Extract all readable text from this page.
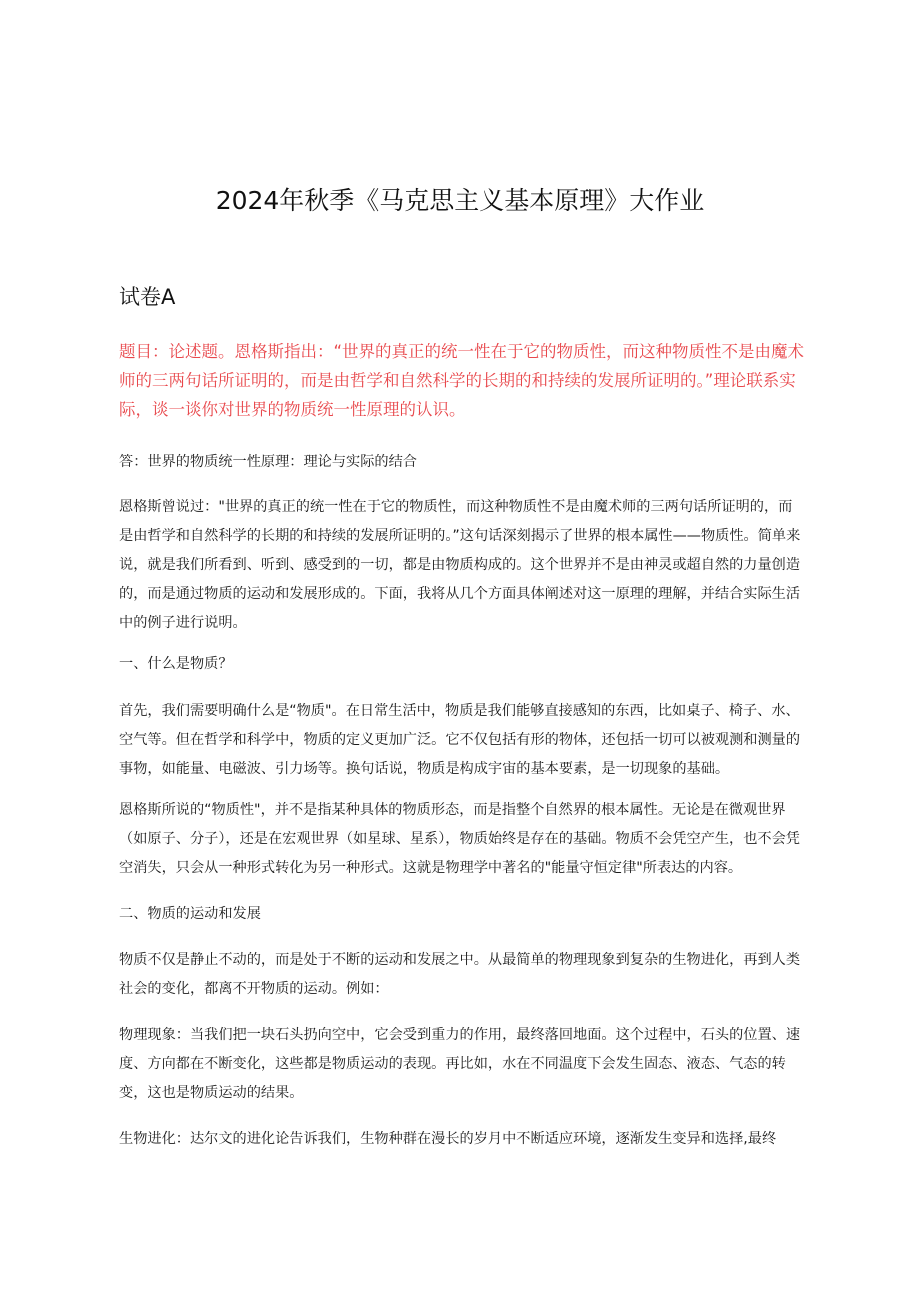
2024年秋季《马克思主义基本原理》大作业
试卷A

题目：论述题。恩格斯指出：“世界的真正的统一性在于它的物质性，而这种物质性不是由魔术师的三两句话所证明的，而是由哲学和自然科学的长期的和持续的发展所证明的。”理论联系实际，谈一谈你对世界的物质统一性原理的认识。

答：世界的物质统一性原理：理论与实际的结合

恩格斯曾说过："世界的真正的统一性在于它的物质性，而这种物质性不是由魔术师的三两句话所证明的，而是由哲学和自然科学的长期的和持续的发展所证明的。”这句话深刻揭示了世界的根本属性——物质性。简单来说，就是我们所看到、听到、感受到的一切，都是由物质构成的。这个世界并不是由神灵或超自然的力量创造的，而是通过物质的运动和发展形成的。下面，我将从几个方面具体阐述对这一原理的理解，并结合实际生活中的例子进行说明。

一、什么是物质？

首先，我们需要明确什么是“物质"。在日常生活中，物质是我们能够直接感知的东西，比如桌子、椅子、水、空气等。但在哲学和科学中，物质的定义更加广泛。它不仅包括有形的物体，还包括一切可以被观测和测量的事物，如能量、电磁波、引力场等。换句话说，物质是构成宇宙的基本要素，是一切现象的基础。

恩格斯所说的“物质性"，并不是指某种具体的物质形态，而是指整个自然界的根本属性。无论是在微观世界（如原子、分子），还是在宏观世界（如星球、星系），物质始终是存在的基础。物质不会凭空产生，也不会凭空消失，只会从一种形式转化为另一种形式。这就是物理学中著名的"能量守恒定律"所表达的内容。

二、物质的运动和发展

物质不仅是静止不动的，而是处于不断的运动和发展之中。从最简单的物理现象到复杂的生物进化，再到人类社会的变化，都离不开物质的运动。例如：

物理现象：当我们把一块石头扔向空中，它会受到重力的作用，最终落回地面。这个过程中，石头的位置、速度、方向都在不断变化，这些都是物质运动的表现。再比如，水在不同温度下会发生固态、液态、气态的转变，这也是物质运动的结果。

生物进化：达尔文的进化论告诉我们，生物种群在漫长的岁月中不断适应环境，逐渐发生变异和选择,最终
